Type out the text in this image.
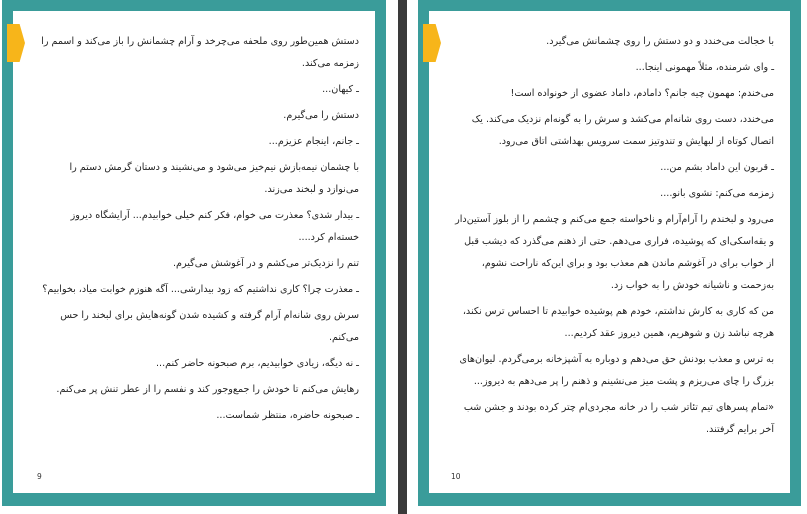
دستش همین‌طور روی ملحفه می‌چرخد و آرام چشمانش را باز می‌کند و اسمم را زمزمه می‌کند.

ـ کیهان...

دستش را می‌گیرم.

ـ جانم، اینجام عزیزم...

با چشمان نیمه‌بازش نیم‌خیز می‌شود و می‌نشیند و دستان گرمش دستم را می‌نوازد و لبخند می‌زند.

ـ بیدار شدی؟ معذرت می خوام، فکر کنم خیلی خوابیدم... آرایشگاه دیروز خسته‌ام کرد....

تنم را نزدیک‌تر می‌کشم و در آغوشش می‌گیرم.

ـ معذرت چرا؟ کاری نداشتیم که زود بیدارشی... آگه هنوزم خوابت میاد، بخوابیم؟

سرش روی شانه‌ام آرام گرفته و کشیده شدن گونه‌هایش برای لبخند را حس می‌کنم.

ـ نه دیگه، زیادی خوابیدیم، برم صبحونه حاضر کنم...

رهایش می‌کنم تا خودش را جمع‌وجور کند و نفسم را از عطر تنش پر می‌کنم.

ـ صبحونه حاضره، منتظر شماست...

9

با خجالت می‌خندد و دو دستش را روی چشمانش می‌گیرد.

ـ وای شرمنده، مثلاً مهمونی اینجا...

می‌خندم: مهمون چیه جانم؟ دامادم، داماد عضوی از خونواده است!

می‌خندد، دست روی شانه‌ام می‌کشد و سرش را به گونه‌ام نزدیک می‌کند. یک اتصال کوتاه از لبهایش و تندوتیز سمت سرویس بهداشتی اتاق می‌رود.

ـ قربون این داماد بشم من...

زمزمه می‌کنم: نشوی بانو....

می‌رود و لبخندم را آرام‌آرام و ناخواسته جمع می‌کنم و چشمم را از بلوز آستین‌دار و یقه‌اسکی‌ای که پوشیده، فراری می‌دهم. حتی از ذهنم می‌گذرد که دیشب قبل از خواب برای در آغوشم ماندن هم معذب بود و برای این‌که ناراحت نشوم، به‌زحمت و ناشیانه خودش را به خواب زد.

من که کاری به کارش نداشتم، خودم هم پوشیده خوابیدم تا احساس ترس نکند، هرچه نباشد زن و شوهریم، همین دیروز عقد کردیم...

به ترس و معذب بودنش حق می‌دهم و دوباره به آشپزخانه برمی‌گردم. لیوان‌های بزرگ را چای می‌ریزم و پشت میز می‌نشینم و ذهنم را پر می‌دهم به دیروز...

«تمام پسرهای تیم تئاتر شب را در خانه مجردی‌ام چتر کرده بودند و جشن شب آخر برایم گرفتند.

10
